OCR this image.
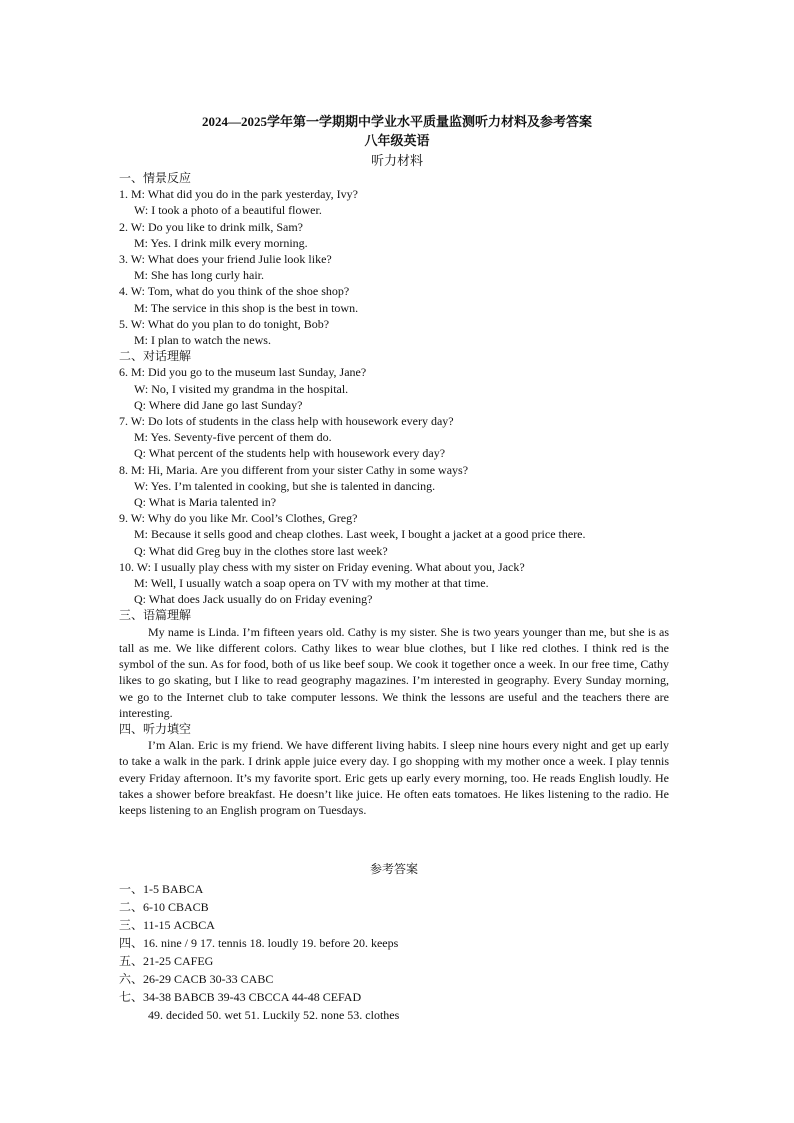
2024—2025学年第一学期期中学业水平质量监测听力材料及参考答案
八年级英语
听力材料

一、情景反应

1. M: What did you do in the park yesterday, Ivy?

W: I took a photo of a beautiful flower.

2. W: Do you like to drink milk, Sam?

M: Yes. I drink milk every morning.

3. W: What does your friend Julie look like?

M: She has long curly hair.

4. W: Tom, what do you think of the shoe shop?

M: The service in this shop is the best in town.

5. W: What do you plan to do tonight, Bob?

M: I plan to watch the news.

二、对话理解

6. M: Did you go to the museum last Sunday, Jane?

W: No, I visited my grandma in the hospital.

Q: Where did Jane go last Sunday?

7. W: Do lots of students in the class help with housework every day?

M: Yes. Seventy-five percent of them do.

Q: What percent of the students help with housework every day?

8. M: Hi, Maria. Are you different from your sister Cathy in some ways?

W: Yes. I’m talented in cooking, but she is talented in dancing.

Q: What is Maria talented in?

9. W: Why do you like Mr. Cool’s Clothes, Greg?

M: Because it sells good and cheap clothes. Last week, I bought a jacket at a good price there.

Q: What did Greg buy in the clothes store last week?

10. W: I usually play chess with my sister on Friday evening. What about you, Jack?

M: Well, I usually watch a soap opera on TV with my mother at that time.

Q: What does Jack usually do on Friday evening?

三、语篇理解

My name is Linda. I’m fifteen years old. Cathy is my sister. She is two years younger than me, but she is as tall as me. We like different colors. Cathy likes to wear blue clothes, but I like red clothes. I think red is the symbol of the sun. As for food, both of us like beef soup. We cook it together once a week. In our free time, Cathy likes to go skating, but I like to read geography magazines. I’m interested in geography. Every Sunday morning, we go to the Internet club to take computer lessons. We think the lessons are useful and the teachers there are interesting.

四、听力填空

I’m Alan. Eric is my friend. We have different living habits. I sleep nine hours every night and get up early to take a walk in the park. I drink apple juice every day. I go shopping with my mother once a week. I play tennis every Friday afternoon. It’s my favorite sport. Eric gets up early every morning, too. He reads English loudly. He takes a shower before breakfast. He doesn’t like juice. He often eats tomatoes. He likes listening to the radio. He keeps listening to an English program on Tuesdays.

参考答案

一、1-5 BABCA

二、6-10 CBACB

三、11-15 ACBCA

四、16. nine / 9 17. tennis 18. loudly 19. before 20. keeps

五、21-25 CAFEG

六、26-29 CACB 30-33 CABC

七、34-38 BABCB 39-43 CBCCA 44-48 CEFAD

49. decided 50. wet 51. Luckily 52. none 53. clothes
